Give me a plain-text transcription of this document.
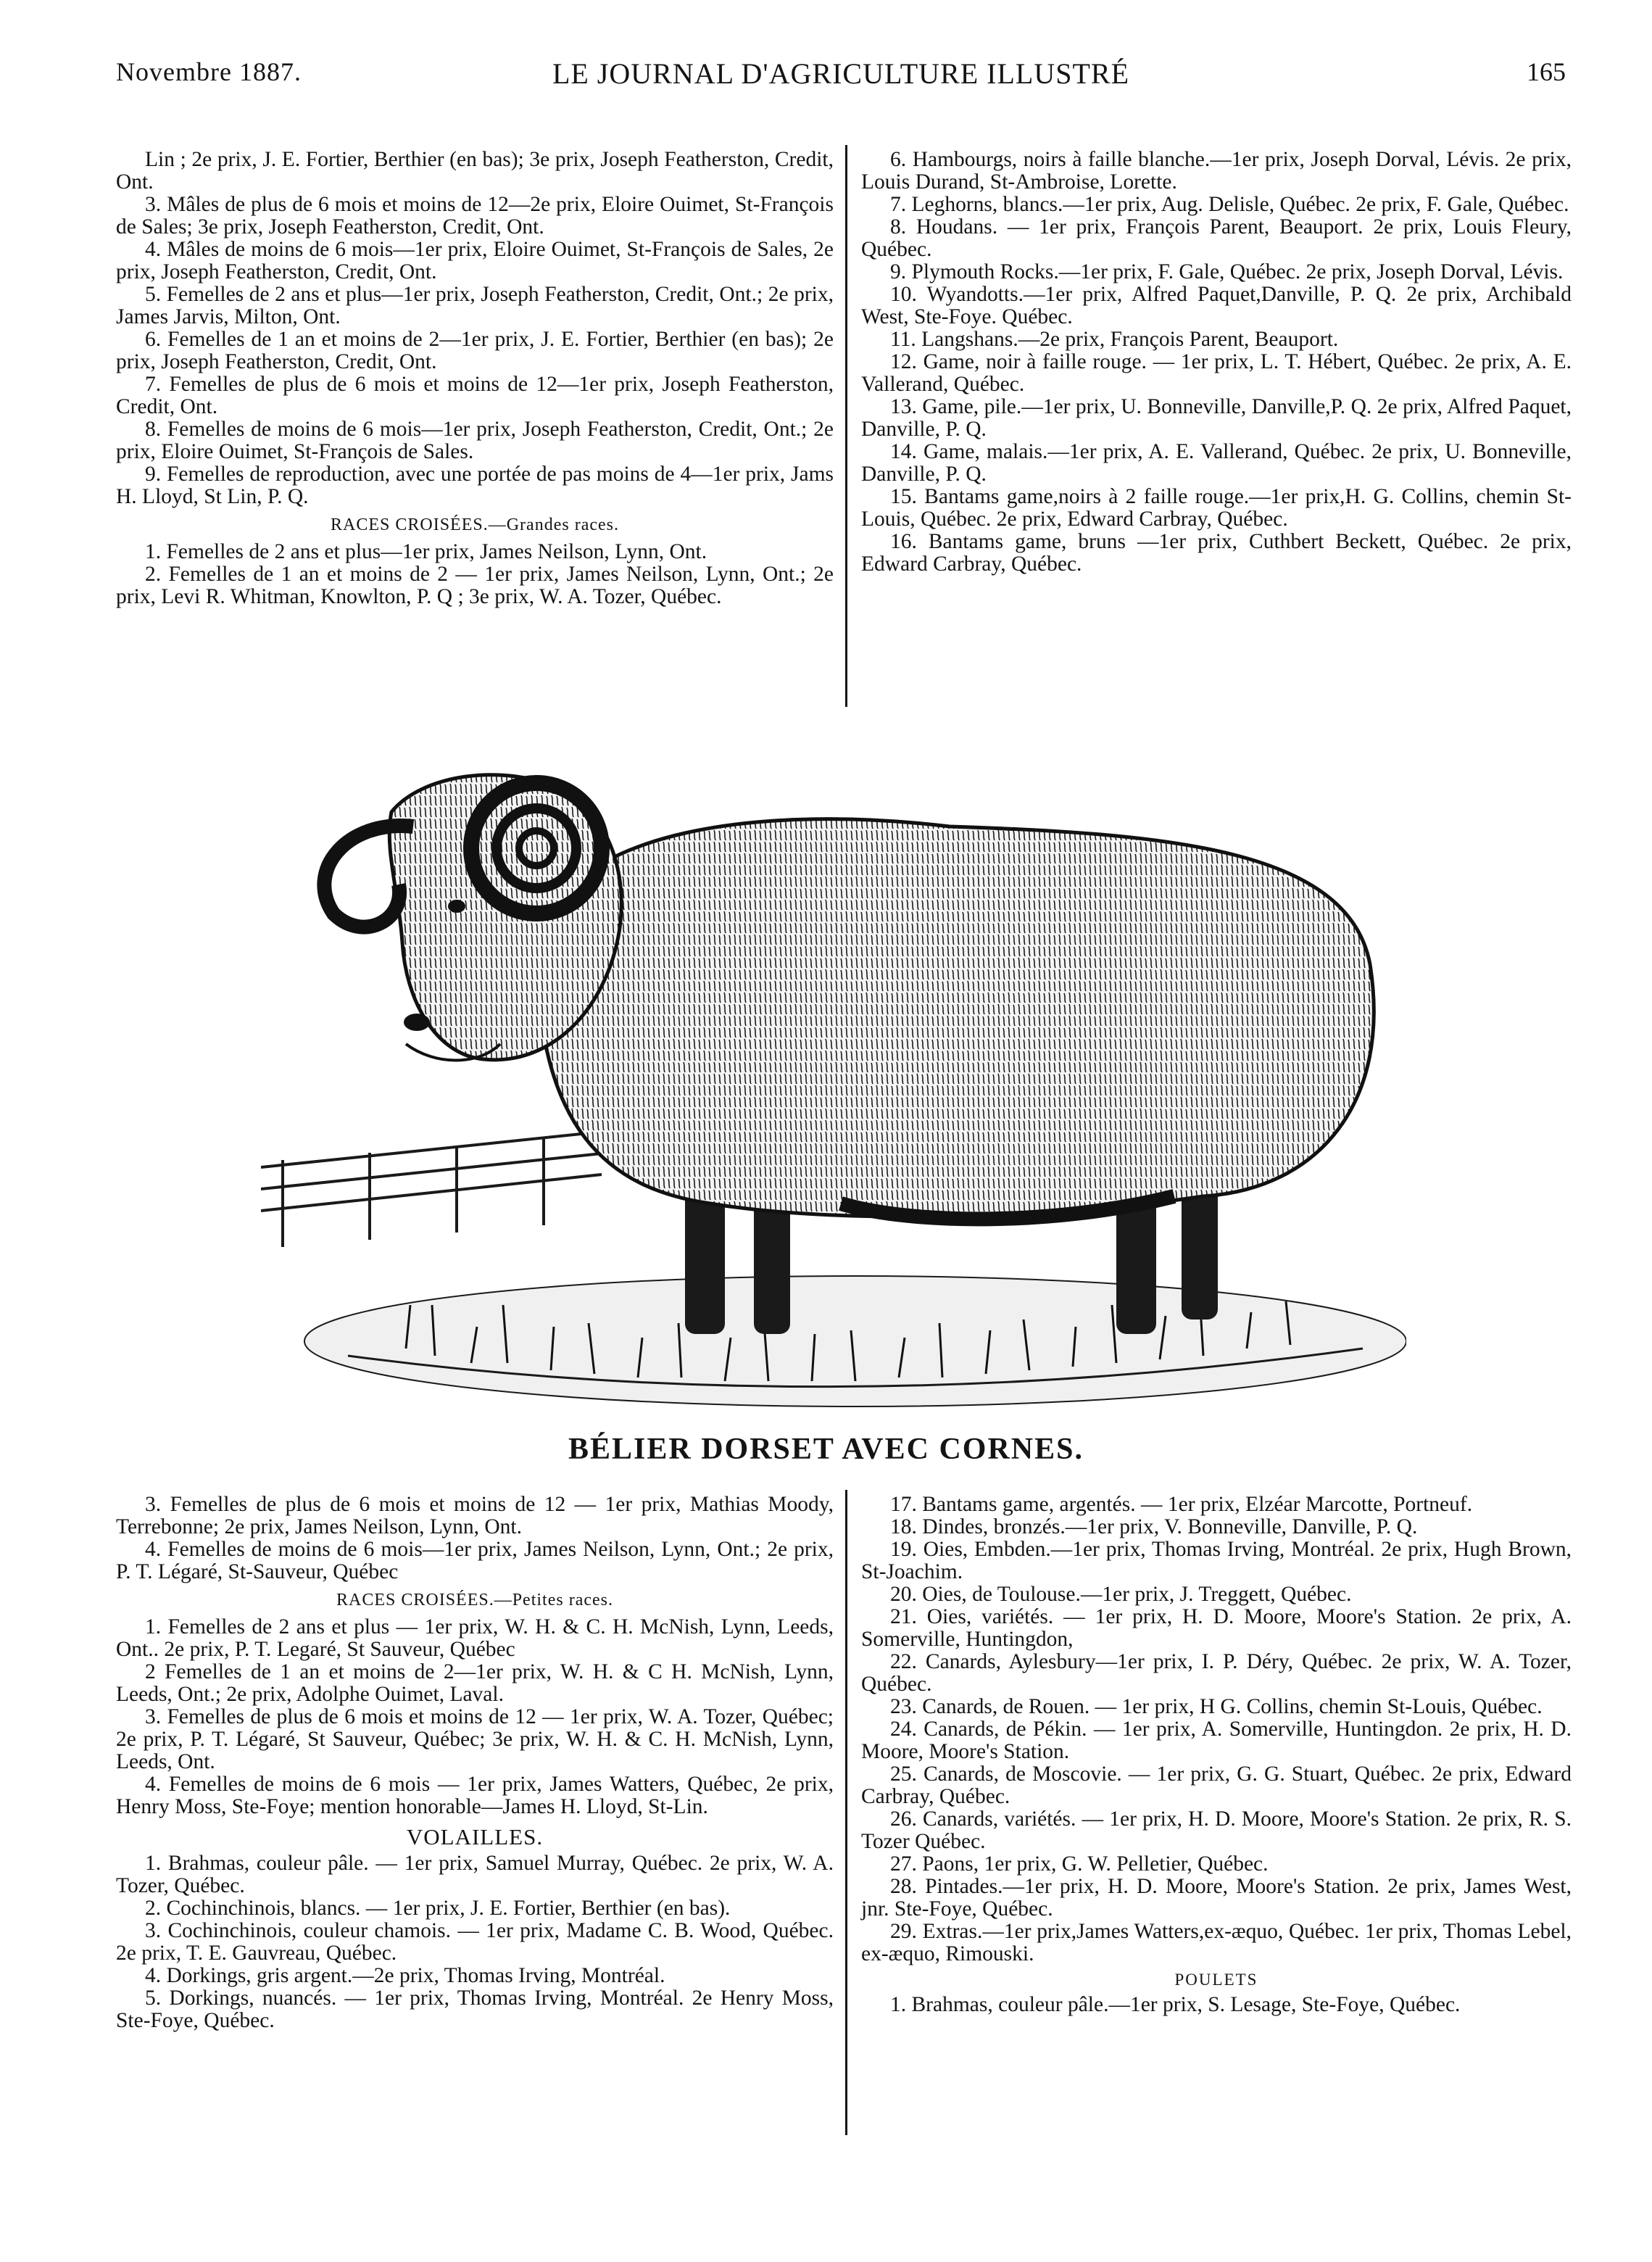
Novembre 1887.	LE JOURNAL D'AGRICULTURE ILLUSTRÉ	165

Lin ; 2e prix, J. E. Fortier, Berthier (en bas); 3e prix, Joseph Featherston, Credit, Ont.

3. Mâles de plus de 6 mois et moins de 12—2e prix, Eloire Ouimet, St-François de Sales; 3e prix, Joseph Featherston, Credit, Ont.

4. Mâles de moins de 6 mois—1er prix, Eloire Ouimet, St-François de Sales, 2e prix, Joseph Featherston, Credit, Ont.

5. Femelles de 2 ans et plus—1er prix, Joseph Featherston, Credit, Ont.; 2e prix, James Jarvis, Milton, Ont.

6. Femelles de 1 an et moins de 2—1er prix, J. E. Fortier, Berthier (en bas); 2e prix, Joseph Featherston, Credit, Ont.

7. Femelles de plus de 6 mois et moins de 12—1er prix, Joseph Featherston, Credit, Ont.

8. Femelles de moins de 6 mois—1er prix, Joseph Featherston, Credit, Ont.; 2e prix, Eloire Ouimet, St-François de Sales.

9. Femelles de reproduction, avec une portée de pas moins de 4—1er prix, Jams H. Lloyd, St Lin, P. Q.

RACES CROISÉES.—Grandes races.

1. Femelles de 2 ans et plus—1er prix, James Neilson, Lynn, Ont.

2. Femelles de 1 an et moins de 2 — 1er prix, James Neilson, Lynn, Ont.; 2e prix, Levi R. Whitman, Knowlton, P. Q ; 3e prix, W. A. Tozer, Québec.

6. Hambourgs, noirs à faille blanche.—1er prix, Joseph Dorval, Lévis. 2e prix, Louis Durand, St-Ambroise, Lorette.

7. Leghorns, blancs.—1er prix, Aug. Delisle, Québec. 2e prix, F. Gale, Québec.

8. Houdans. — 1er prix, François Parent, Beauport. 2e prix, Louis Fleury, Québec.

9. Plymouth Rocks.—1er prix, F. Gale, Québec. 2e prix, Joseph Dorval, Lévis.

10. Wyandotts.—1er prix, Alfred Paquet,Danville, P. Q. 2e prix, Archibald West, Ste-Foye. Québec.

11. Langshans.—2e prix, François Parent, Beauport.

12. Game, noir à faille rouge. — 1er prix, L. T. Hébert, Québec. 2e prix, A. E. Vallerand, Québec.

13. Game, pile.—1er prix, U. Bonneville, Danville,P. Q. 2e prix, Alfred Paquet, Danville, P. Q.

14. Game, malais.—1er prix, A. E. Vallerand, Québec. 2e prix, U. Bonneville, Danville, P. Q.

15. Bantams game,noirs à 2 faille rouge.—1er prix,H. G. Collins, chemin St-Louis, Québec. 2e prix, Edward Carbray, Québec.

16. Bantams game, bruns —1er prix, Cuthbert Beckett, Québec. 2e prix, Edward Carbray, Québec.

BÉLIER DORSET AVEC CORNES.

3. Femelles de plus de 6 mois et moins de 12 — 1er prix, Mathias Moody, Terrebonne; 2e prix, James Neilson, Lynn, Ont.

4. Femelles de moins de 6 mois—1er prix, James Neilson, Lynn, Ont.; 2e prix, P. T. Légaré, St-Sauveur, Québec

RACES CROISÉES.—Petites races.

1. Femelles de 2 ans et plus — 1er prix, W. H. & C. H. McNish, Lynn, Leeds, Ont.. 2e prix, P. T. Legaré, St Sauveur, Québec

2 Femelles de 1 an et moins de 2—1er prix, W. H. & C H. McNish, Lynn, Leeds, Ont.; 2e prix, Adolphe Ouimet, Laval.

3. Femelles de plus de 6 mois et moins de 12 — 1er prix, W. A. Tozer, Québec; 2e prix, P. T. Légaré, St Sauveur, Québec; 3e prix, W. H. & C. H. McNish, Lynn, Leeds, Ont.

4. Femelles de moins de 6 mois — 1er prix, James Watters, Québec, 2e prix, Henry Moss, Ste-Foye; mention honorable—James H. Lloyd, St-Lin.

VOLAILLES.

1. Brahmas, couleur pâle. — 1er prix, Samuel Murray, Québec. 2e prix, W. A. Tozer, Québec.

2. Cochinchinois, blancs. — 1er prix, J. E. Fortier, Berthier (en bas).

3. Cochinchinois, couleur chamois. — 1er prix, Madame C. B. Wood, Québec. 2e prix, T. E. Gauvreau, Québec.

4. Dorkings, gris argent.—2e prix, Thomas Irving, Montréal.

5. Dorkings, nuancés. — 1er prix, Thomas Irving, Montréal. 2e Henry Moss, Ste-Foye, Québec.

17. Bantams game, argentés. — 1er prix, Elzéar Marcotte, Portneuf.

18. Dindes, bronzés.—1er prix, V. Bonneville, Danville, P. Q.

19. Oies, Embden.—1er prix, Thomas Irving, Montréal. 2e prix, Hugh Brown, St-Joachim.

20. Oies, de Toulouse.—1er prix, J. Treggett, Québec.

21. Oies, variétés. — 1er prix, H. D. Moore, Moore's Station. 2e prix, A. Somerville, Huntingdon,

22. Canards, Aylesbury—1er prix, I. P. Déry, Québec. 2e prix, W. A. Tozer, Québec.

23. Canards, de Rouen. — 1er prix, H G. Collins, chemin St-Louis, Québec.

24. Canards, de Pékin. — 1er prix, A. Somerville, Huntingdon. 2e prix, H. D. Moore, Moore's Station.

25. Canards, de Moscovie. — 1er prix, G. G. Stuart, Québec. 2e prix, Edward Carbray, Québec.

26. Canards, variétés. — 1er prix, H. D. Moore, Moore's Station. 2e prix, R. S. Tozer Québec.

27. Paons, 1er prix, G. W. Pelletier, Québec.

28. Pintades.—1er prix, H. D. Moore, Moore's Station. 2e prix, James West, jnr. Ste-Foye, Québec.

29. Extras.—1er prix,James Watters,ex-æquo, Québec. 1er prix, Thomas Lebel, ex-æquo, Rimouski.

POULETS

1. Brahmas, couleur pâle.—1er prix, S. Lesage, Ste-Foye, Québec.
